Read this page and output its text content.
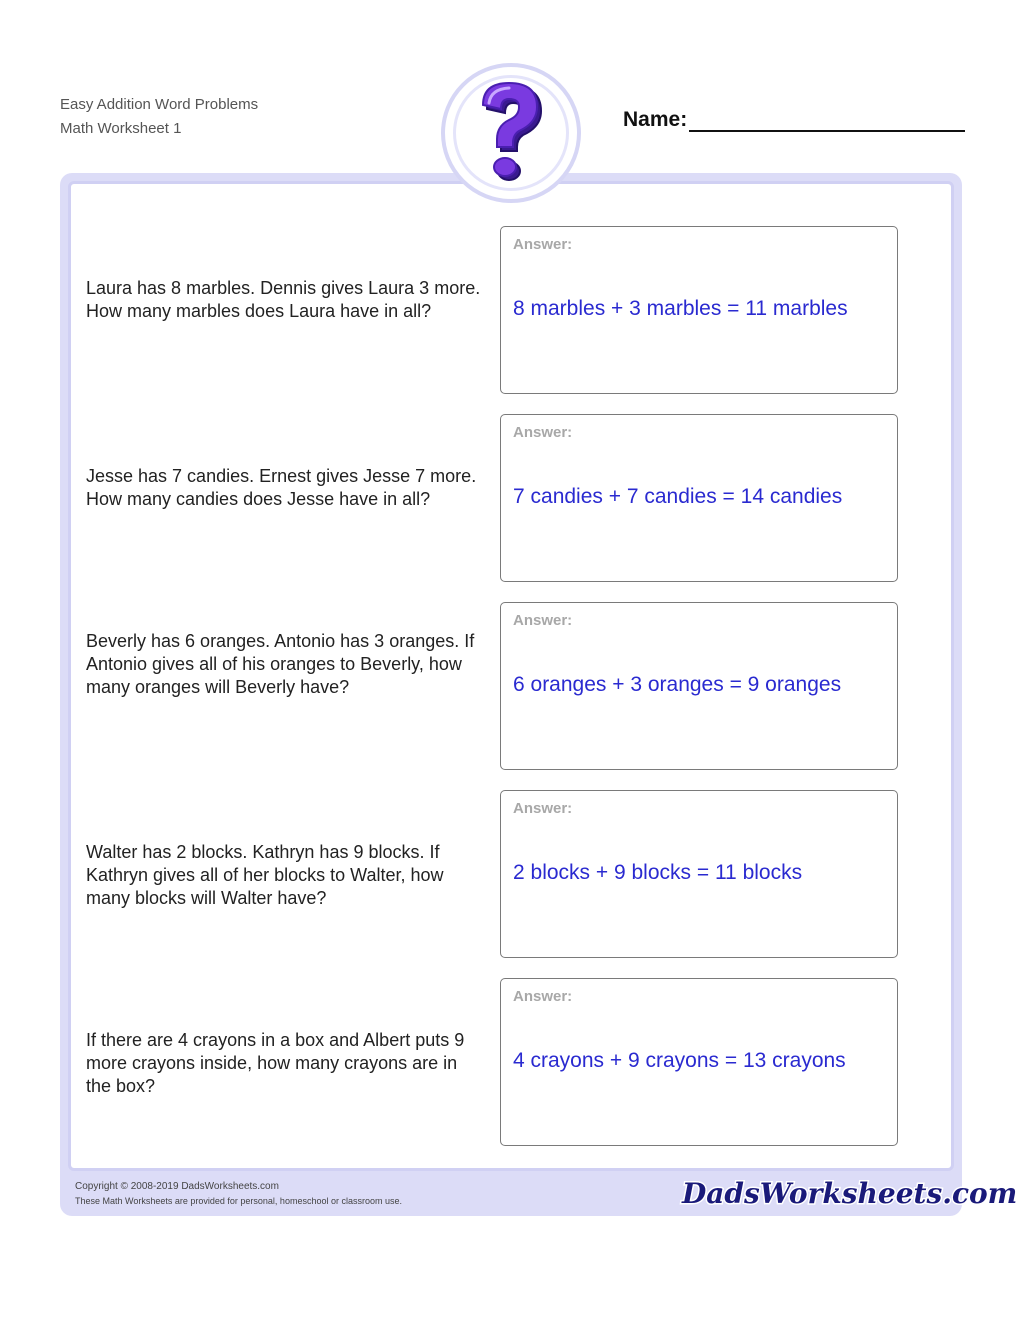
Easy Addition Word Problems
Math Worksheet 1	Name:
Laura has 8 marbles. Dennis gives Laura 3 more. How many marbles does Laura have in all?
Answer:
8 marbles + 3 marbles = 11 marbles
Jesse has 7 candies. Ernest gives Jesse 7 more. How many candies does Jesse have in all?
Answer:
7 candies + 7 candies = 14 candies
Beverly has 6 oranges. Antonio has 3 oranges. If Antonio gives all of his oranges to Beverly, how many oranges will Beverly have?
Answer:
6 oranges + 3 oranges = 9 oranges
Walter has 2 blocks. Kathryn has 9 blocks. If Kathryn gives all of her blocks to Walter, how many blocks will Walter have?
Answer:
2 blocks + 9 blocks = 11 blocks
If there are 4 crayons in a box and Albert puts 9 more crayons inside, how many crayons are in the box?
Answer:
4 crayons + 9 crayons = 13 crayons
Copyright © 2008-2019 DadsWorksheets.com
These Math Worksheets are provided for personal, homeschool or classroom use.	DadsWorksheets.com
